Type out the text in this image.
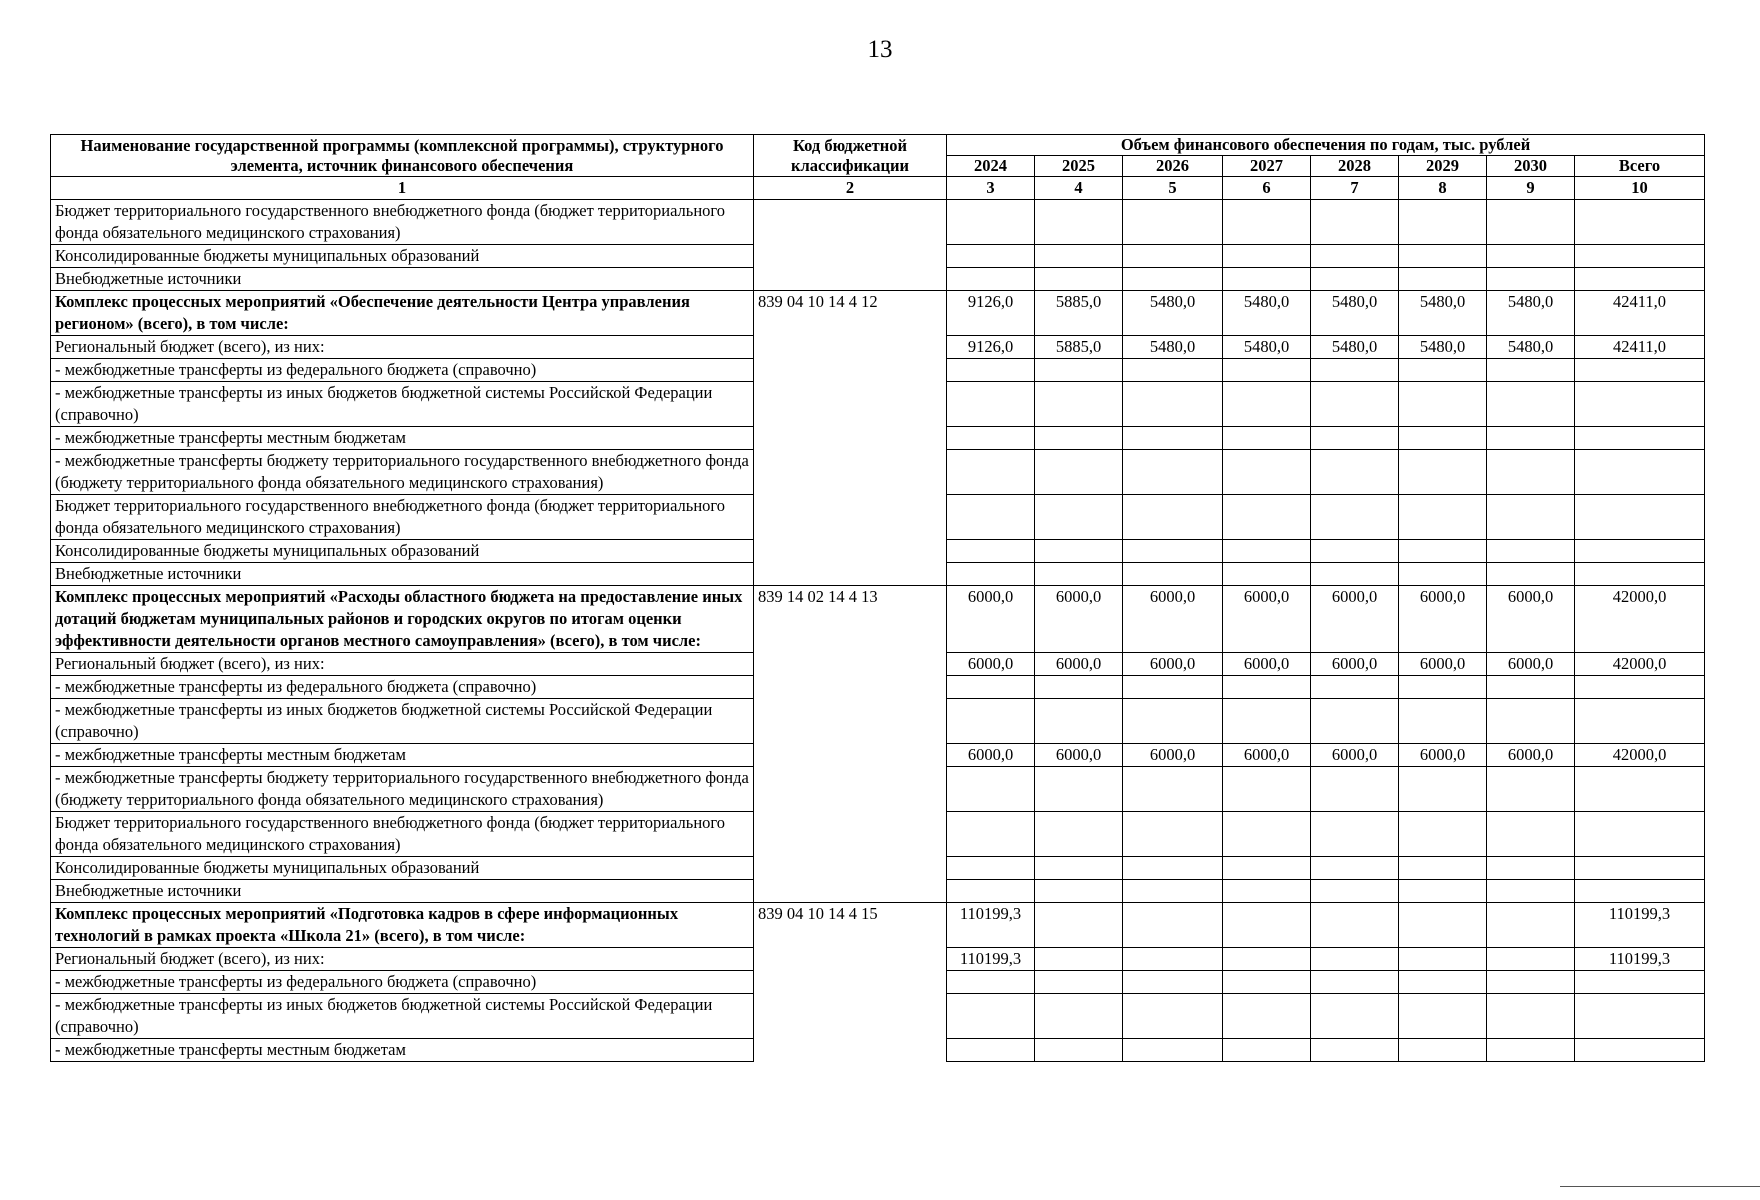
13
Наименование государственной программы (комплексной программы), структурного элемента, источник финансового обеспечения	Код бюджетной классификации	Объем финансового обеспечения по годам, тыс. рублей							
		2024	2025	2026	2027	2028	2029	2030	Всего
1	2	3	4	5	6	7	8	9	10
Бюджет территориального государственного внебюджетного фонда (бюджет территориального фонда обязательного медицинского страхования)									
Консолидированные бюджеты муниципальных образований									
Внебюджетные источники									
Комплекс процессных мероприятий «Обеспечение деятельности Центра управления регионом» (всего), в том числе:	839 04 10 14 4 12	9126,0	5885,0	5480,0	5480,0	5480,0	5480,0	5480,0	42411,0
Региональный бюджет (всего), из них:		9126,0	5885,0	5480,0	5480,0	5480,0	5480,0	5480,0	42411,0
- межбюджетные трансферты из федерального бюджета (справочно)									
- межбюджетные трансферты из иных бюджетов бюджетной системы Российской Федерации (справочно)									
- межбюджетные трансферты местным бюджетам									
- межбюджетные трансферты бюджету территориального государственного внебюджетного фонда (бюджету территориального фонда обязательного медицинского страхования)									
Бюджет территориального государственного внебюджетного фонда (бюджет территориального фонда обязательного медицинского страхования)									
Консолидированные бюджеты муниципальных образований									
Внебюджетные источники									
Комплекс процессных мероприятий «Расходы областного бюджета на предоставление иных дотаций бюджетам муниципальных районов и городских округов по итогам оценки эффективности деятельности органов местного самоуправления» (всего), в том числе:	839 14 02 14 4 13	6000,0	6000,0	6000,0	6000,0	6000,0	6000,0	6000,0	42000,0
Региональный бюджет (всего), из них:		6000,0	6000,0	6000,0	6000,0	6000,0	6000,0	6000,0	42000,0
- межбюджетные трансферты из федерального бюджета (справочно)									
- межбюджетные трансферты из иных бюджетов бюджетной системы Российской Федерации (справочно)									
- межбюджетные трансферты местным бюджетам		6000,0	6000,0	6000,0	6000,0	6000,0	6000,0	6000,0	42000,0
- межбюджетные трансферты бюджету территориального государственного внебюджетного фонда (бюджету территориального фонда обязательного медицинского страхования)									
Бюджет территориального государственного внебюджетного фонда (бюджет территориального фонда обязательного медицинского страхования)									
Консолидированные бюджеты муниципальных образований									
Внебюджетные источники									
Комплекс процессных мероприятий «Подготовка кадров в сфере информационных технологий в рамках проекта «Школа 21» (всего), в том числе:	839 04 10 14 4 15	110199,3							110199,3
Региональный бюджет (всего), из них:		110199,3							110199,3
- межбюджетные трансферты из федерального бюджета (справочно)									
- межбюджетные трансферты из иных бюджетов бюджетной системы Российской Федерации (справочно)									
- межбюджетные трансферты местным бюджетам									
